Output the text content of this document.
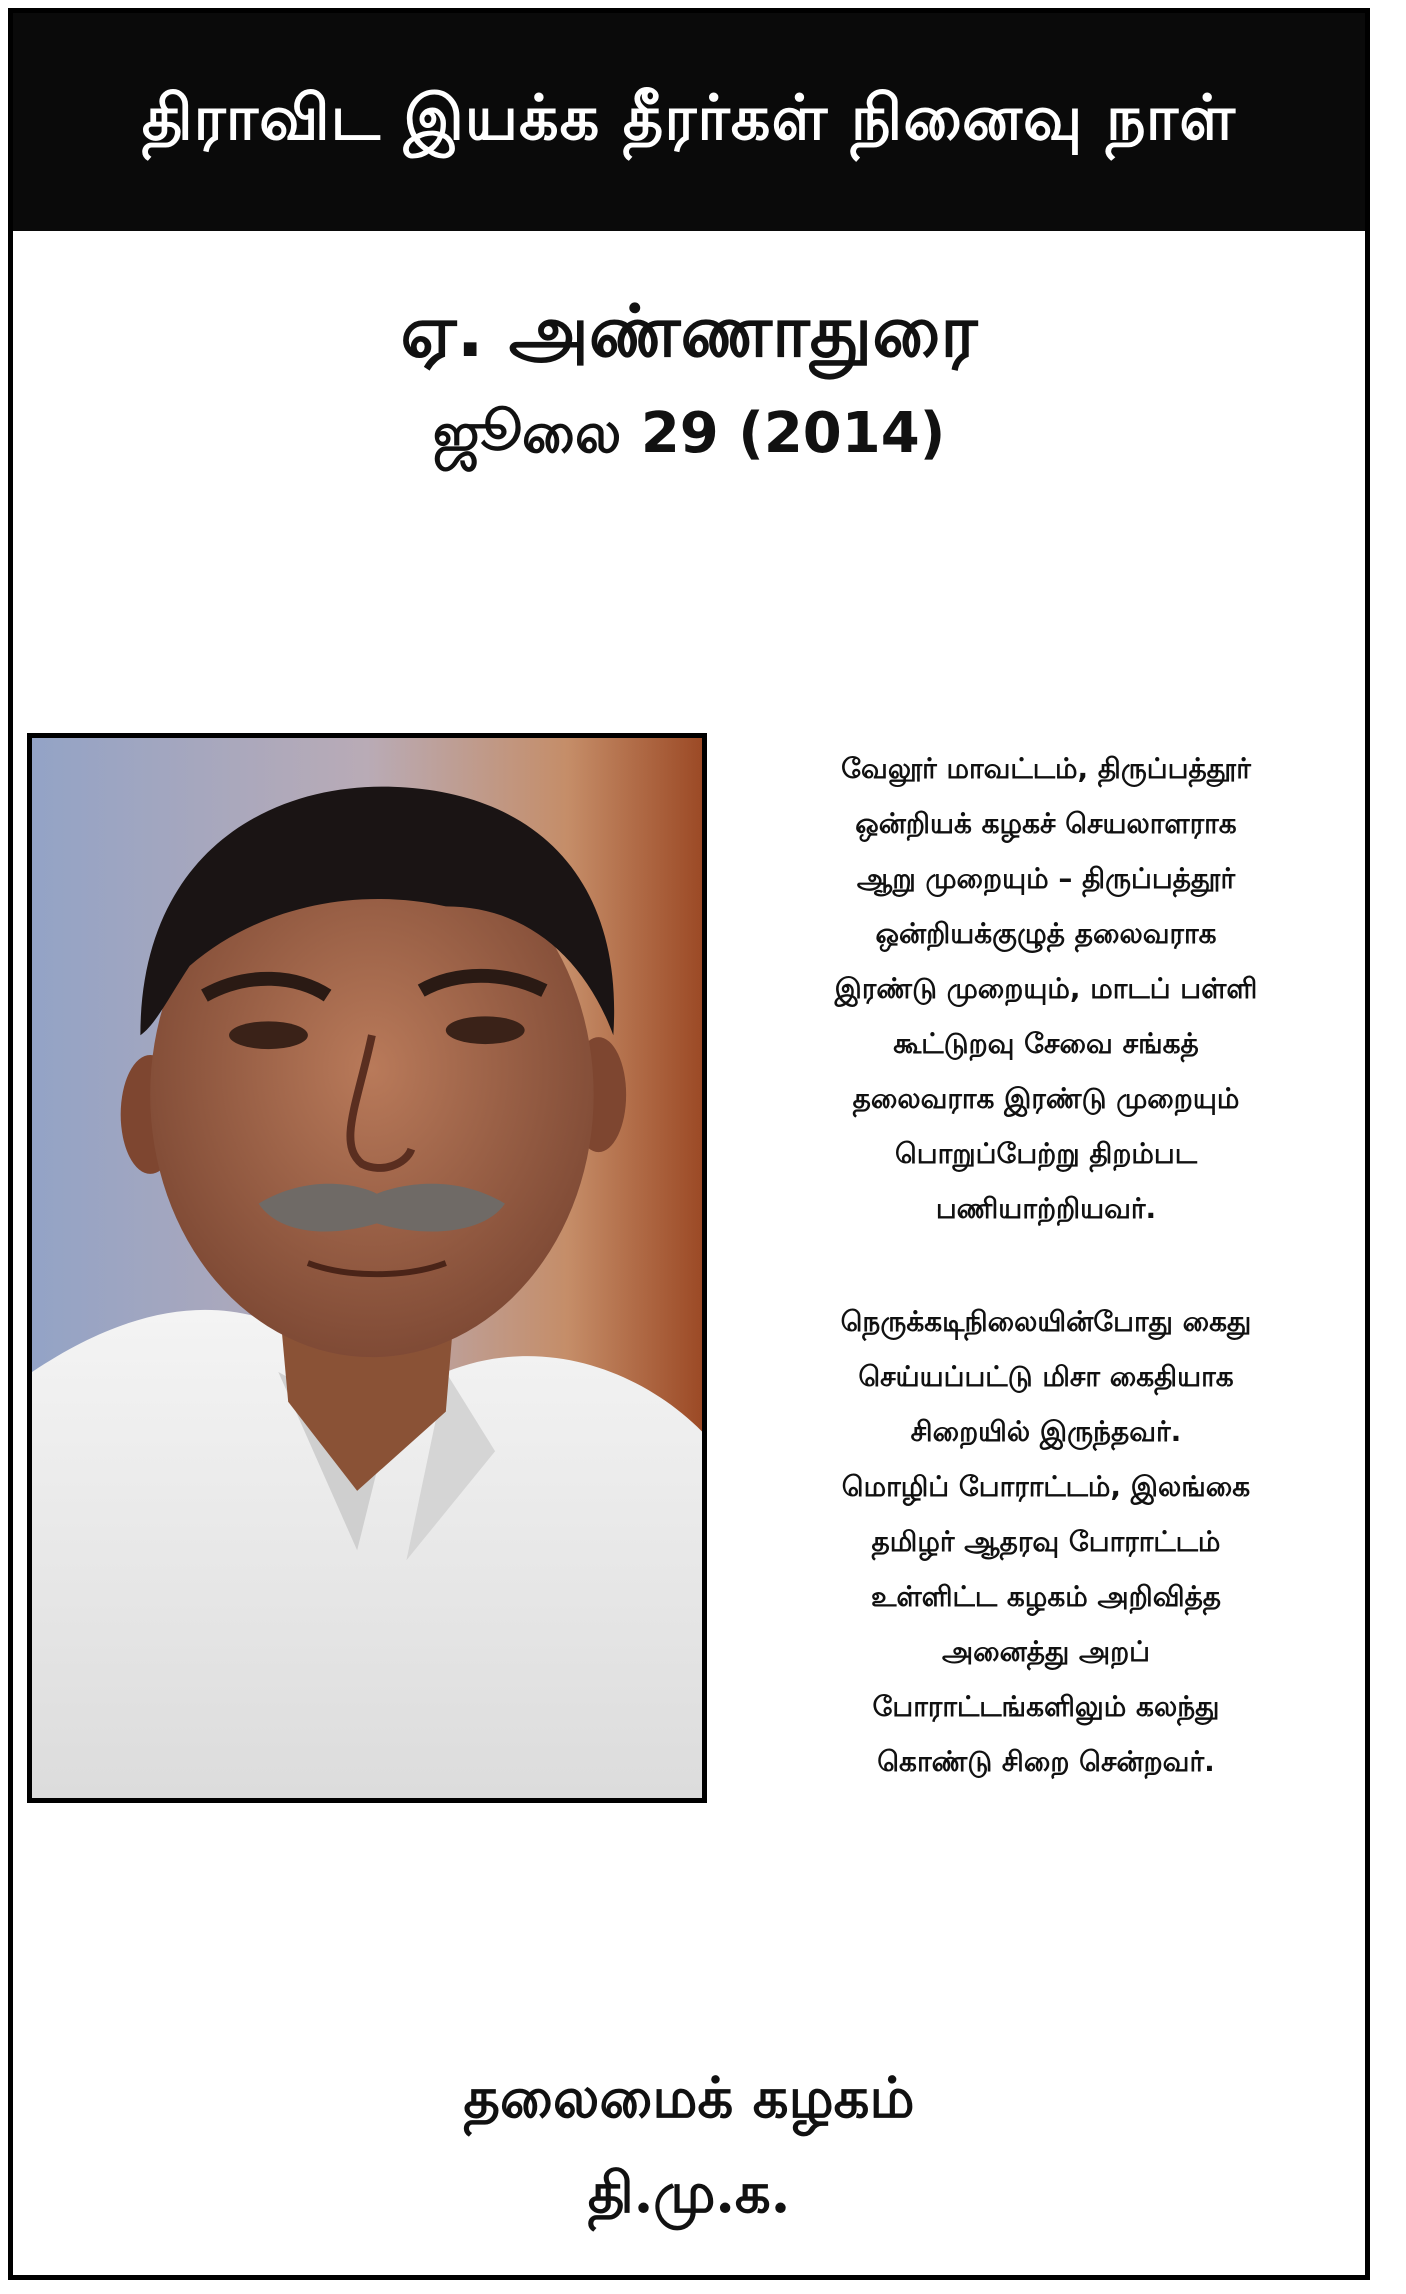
திராவிட இயக்க தீரர்கள் நினைவு நாள்
ஏ. அண்ணாதுரை
ஜூலை 29 (2014)
வேலூர் மாவட்டம், திருப்பத்தூர்
ஒன்றியக் கழகச் செயலாளராக
ஆறு முறையும் – திருப்பத்தூர்
ஒன்றியக்குழுத் தலைவராக
இரண்டு முறையும், மாடப் பள்ளி
கூட்டுறவு சேவை சங்கத்
தலைவராக இரண்டு முறையும்
பொறுப்பேற்று திறம்பட
பணியாற்றியவர்.
நெருக்கடிநிலையின்போது கைது
செய்யப்பட்டு மிசா கைதியாக
சிறையில் இருந்தவர்.
மொழிப் போராட்டம், இலங்கை
தமிழர் ஆதரவு போராட்டம்
உள்ளிட்ட கழகம் அறிவித்த
அனைத்து அறப்
போராட்டங்களிலும் கலந்து
கொண்டு சிறை சென்றவர்.
தலைமைக் கழகம்
தி.மு.க.
